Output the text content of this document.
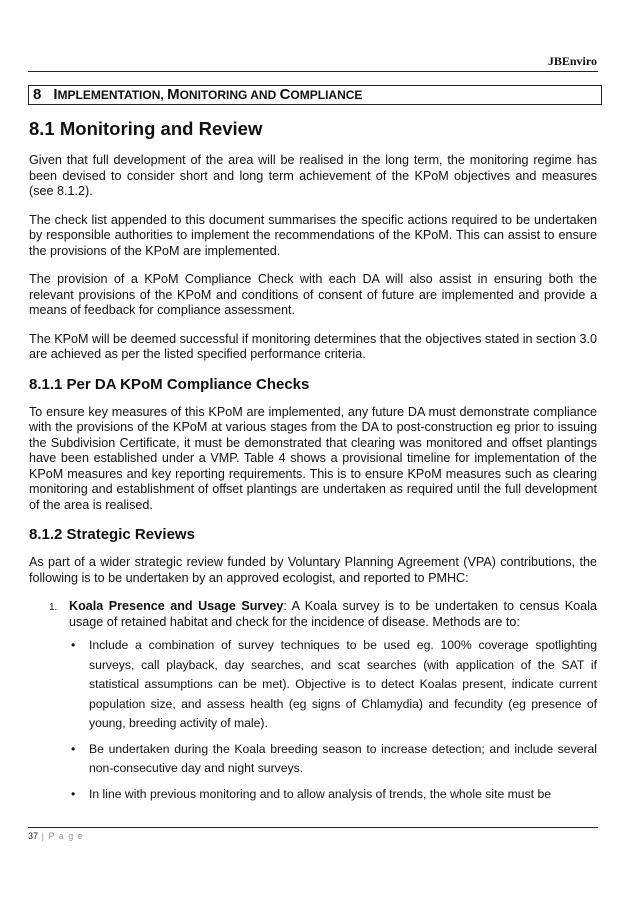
JBEnviro
8 IMPLEMENTATION, MONITORING AND COMPLIANCE
8.1 Monitoring and Review

Given that full development of the area will be realised in the long term, the monitoring regime has been devised to consider short and long term achievement of the KPoM objectives and measures (see 8.1.2).

The check list appended to this document summarises the specific actions required to be undertaken by responsible authorities to implement the recommendations of the KPoM. This can assist to ensure the provisions of the KPoM are implemented.

The provision of a KPoM Compliance Check with each DA will also assist in ensuring both the relevant provisions of the KPoM and conditions of consent of future are implemented and provide a means of feedback for compliance assessment.

The KPoM will be deemed successful if monitoring determines that the objectives stated in section 3.0 are achieved as per the listed specified performance criteria.

8.1.1 Per DA KPoM Compliance Checks

To ensure key measures of this KPoM are implemented, any future DA must demonstrate compliance with the provisions of the KPoM at various stages from the DA to post-construction eg prior to issuing the Subdivision Certificate, it must be demonstrated that clearing was monitored and offset plantings have been established under a VMP. Table 4 shows a provisional timeline for implementation of the KPoM measures and key reporting requirements. This is to ensure KPoM measures such as clearing monitoring and establishment of offset plantings are undertaken as required until the full development of the area is realised.

8.1.2 Strategic Reviews

As part of a wider strategic review funded by Voluntary Planning Agreement (VPA) contributions, the following is to be undertaken by an approved ecologist, and reported to PMHC:

1. Koala Presence and Usage Survey: A Koala survey is to be undertaken to census Koala usage of retained habitat and check for the incidence of disease. Methods are to:
• Include a combination of survey techniques to be used eg. 100% coverage spotlighting surveys, call playback, day searches, and scat searches (with application of the SAT if statistical assumptions can be met). Objective is to detect Koalas present, indicate current population size, and assess health (eg signs of Chlamydia) and fecundity (eg presence of young, breeding activity of male).
• Be undertaken during the Koala breeding season to increase detection; and include several non-consecutive day and night surveys.
• In line with previous monitoring and to allow analysis of trends, the whole site must be
37 | P a g e
